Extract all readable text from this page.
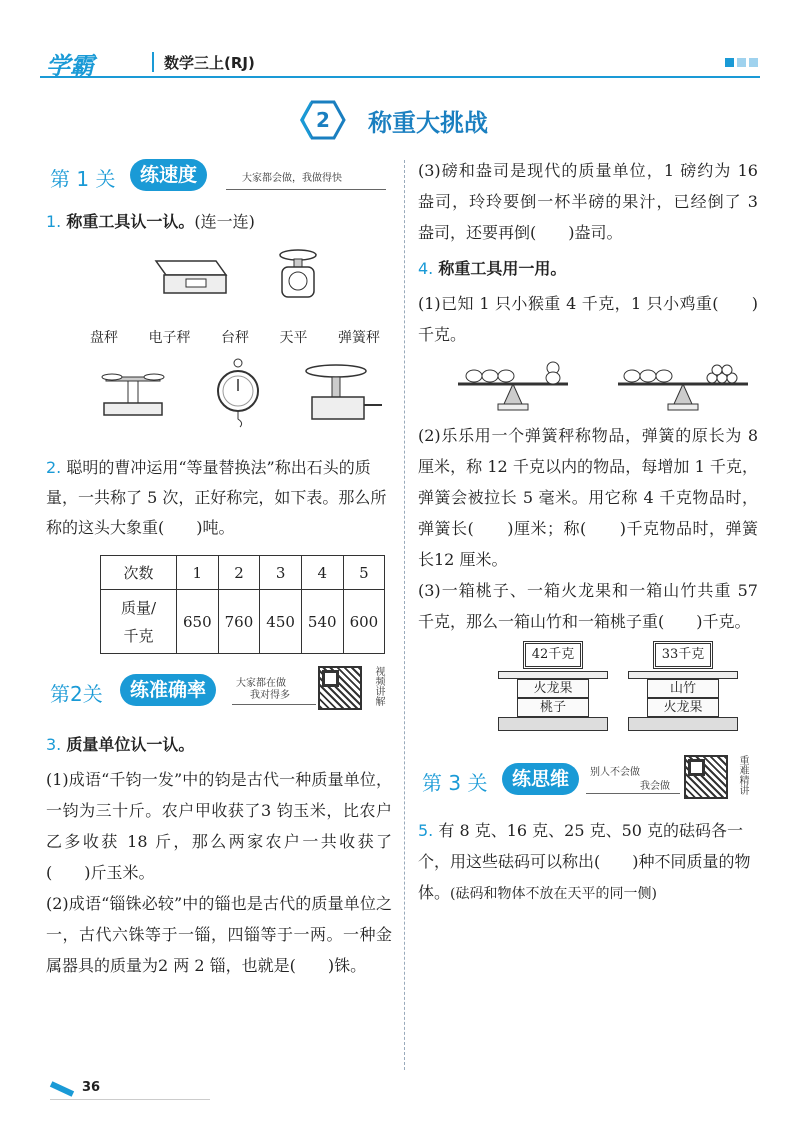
学霸	数学三上(RJ)
2	称重大挑战
第 1 关	练速度	大家都会做，我做得快
1. 称重工具认一认。(连一连)
盘秤 电子秤 台秤 天平 弹簧秤
2. 聪明的曹冲运用“等量替换法”称出石头的质量，一共称了 5 次，正好称完，如下表。那么所称的这头大象重(　　)吨。
次数	1	2	3	4	5
质量/
千克	650	760	450	540	600
第2关	练准确率	大家都在做
我对得多	视频讲解
3. 质量单位认一认。
(1)成语“千钧一发”中的钧是古代一种质量单位，一钧为三十斤。农户甲收获了3 钧玉米，比农户乙多收获 18 斤，那么两家农户一共收获了(　　)斤玉米。
(2)成语“锱铢必较”中的锱也是古代的质量单位之一，古代六铢等于一锱，四锱等于一两。一种金属器具的质量为2 两 2 锱，也就是(　　)铢。
(3)磅和盎司是现代的质量单位，1 磅约为 16 盎司，玲玲要倒一杯半磅的果汁，已经倒了 3 盎司，还要再倒(　　)盎司。
4. 称重工具用一用。
(1)已知 1 只小猴重 4 千克，1 只小鸡重(　　)千克。
(2)乐乐用一个弹簧秤称物品，弹簧的原长为 8 厘米，称 12 千克以内的物品，每增加 1 千克，弹簧会被拉长 5 毫米。用它称 4 千克物品时，弹簧长(　　)厘米；称(　　)千克物品时，弹簧长12 厘米。
(3)一箱桃子、一箱火龙果和一箱山竹共重 57 千克，那么一箱山竹和一箱桃子重(　　)千克。
42千克
火龙果
桃子
33千克
山竹
火龙果
第 3 关	练思维	别人不会做
我会做	重难精讲
5. 有 8 克、16 克、25 克、50 克的砝码各一个，用这些砝码可以称出(　　)种不同质量的物体。(砝码和物体不放在天平的同一侧)
36
